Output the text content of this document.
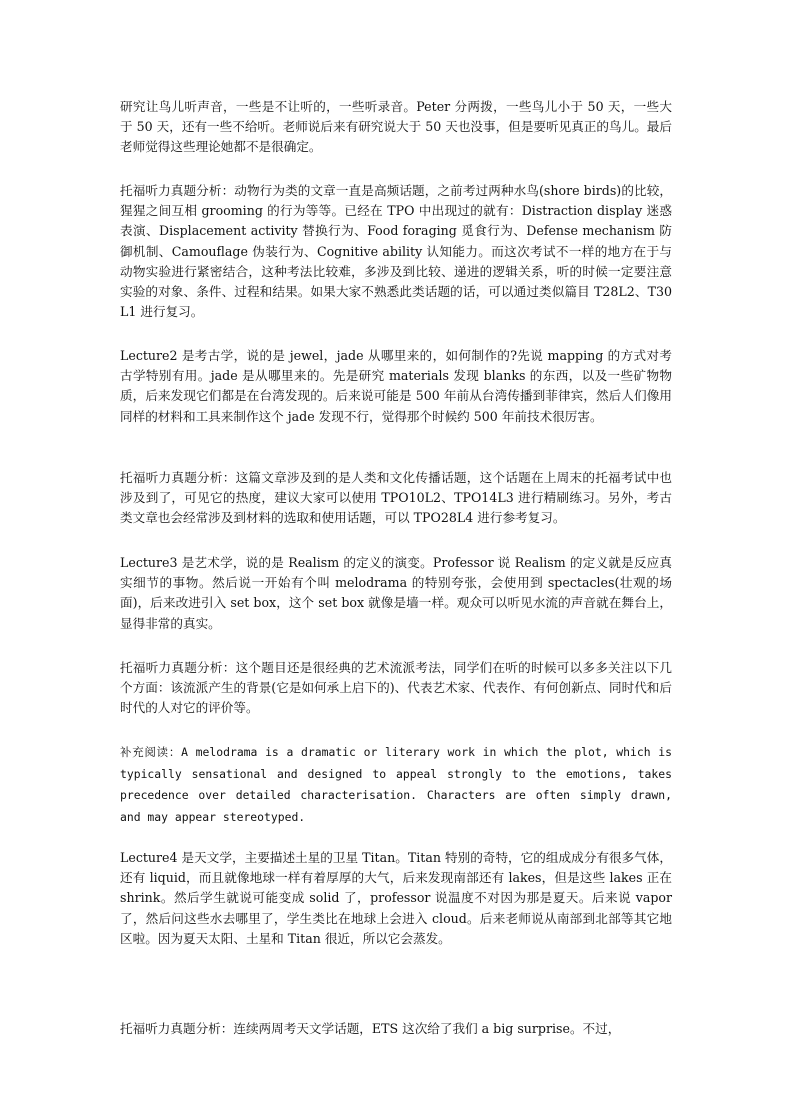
研究让鸟儿听声音，一些是不让听的，一些听录音。Peter 分两拨，一些鸟儿小于 50 天，一些大于 50 天，还有一些不给听。老师说后来有研究说大于 50 天也没事，但是要听见真正的鸟儿。最后老师觉得这些理论她都不是很确定。

托福听力真题分析：动物行为类的文章一直是高频话题，之前考过两种水鸟(shore birds)的比较，猩猩之间互相 grooming 的行为等等。已经在 TPO 中出现过的就有：Distraction display 迷惑表演、Displacement activity 替换行为、Food foraging 觅食行为、Defense mechanism 防御机制、Camouflage 伪装行为、Cognitive ability 认知能力。而这次考试不一样的地方在于与动物实验进行紧密结合，这种考法比较难，多涉及到比较、递进的逻辑关系，听的时候一定要注意实验的对象、条件、过程和结果。如果大家不熟悉此类话题的话，可以通过类似篇目 T28L2、T30L1 进行复习。

Lecture2 是考古学，说的是 jewel，jade 从哪里来的，如何制作的?先说 mapping 的方式对考古学特别有用。jade 是从哪里来的。先是研究 materials 发现 blanks 的东西，以及一些矿物物质，后来发现它们都是在台湾发现的。后来说可能是 500 年前从台湾传播到菲律宾，然后人们像用同样的材料和工具来制作这个 jade 发现不行，觉得那个时候约 500 年前技术很厉害。

托福听力真题分析：这篇文章涉及到的是人类和文化传播话题，这个话题在上周末的托福考试中也涉及到了，可见它的热度，建议大家可以使用 TPO10L2、TPO14L3 进行精刷练习。另外，考古类文章也会经常涉及到材料的选取和使用话题，可以 TPO28L4 进行参考复习。

Lecture3 是艺术学，说的是 Realism 的定义的演变。Professor 说 Realism 的定义就是反应真实细节的事物。然后说一开始有个叫 melodrama 的特别夸张，会使用到 spectacles(壮观的场面)，后来改进引入 set box，这个 set box 就像是墙一样。观众可以听见水流的声音就在舞台上，显得非常的真实。

托福听力真题分析：这个题目还是很经典的艺术流派考法，同学们在听的时候可以多多关注以下几个方面：该流派产生的背景(它是如何承上启下的)、代表艺术家、代表作、有何创新点、同时代和后时代的人对它的评价等。

补充阅读：A melodrama is a dramatic or literary work in which the plot, which is typically sensational and designed to appeal strongly to the emotions, takes precedence over detailed characterisation. Characters are often simply drawn, and may appear stereotyped.

Lecture4 是天文学，主要描述土星的卫星 Titan。Titan 特别的奇特，它的组成成分有很多气体，还有 liquid，而且就像地球一样有着厚厚的大气，后来发现南部还有 lakes，但是这些 lakes 正在 shrink。然后学生就说可能变成 solid 了，professor 说温度不对因为那是夏天。后来说 vapor 了，然后问这些水去哪里了，学生类比在地球上会进入 cloud。后来老师说从南部到北部等其它地区啦。因为夏天太阳、土星和 Titan 很近，所以它会蒸发。

托福听力真题分析：连续两周考天文学话题，ETS 这次给了我们 a big surprise。不过，
